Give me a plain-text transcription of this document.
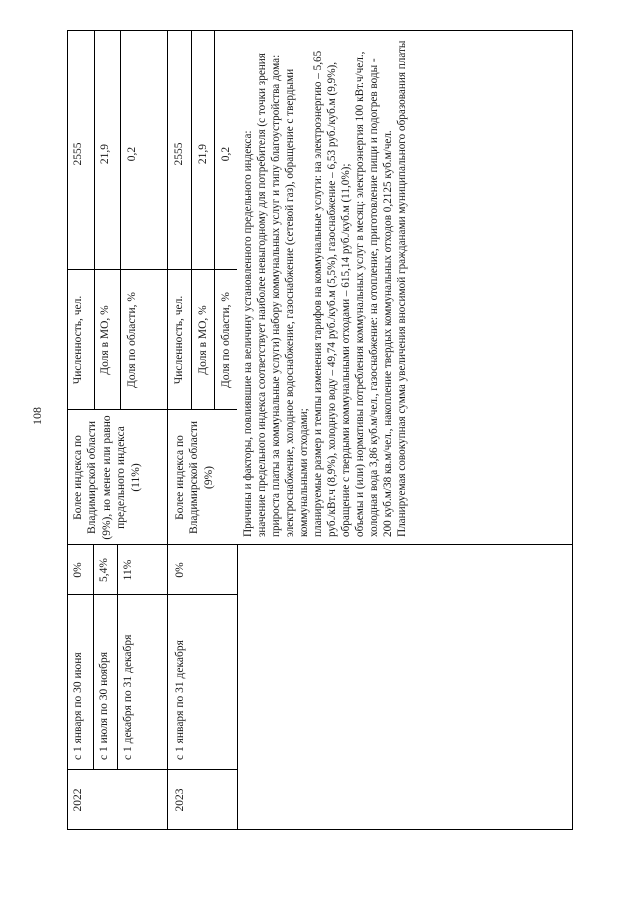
108
2022	2023
с 1 января по 30 июня
0%
с 1 июля по 30 ноября
5,4%
с 1 декабря по 31 декабря
11%
с 1 января по 31 декабря
0%
Более индекса по Владимирской области (9%), но менее или равно предельного индекса (11%)	Более индекса по Владимирской области (9%)
Численность, чел.
2555
Доля в МО, %
21,9
Доля по области, %
0,2
Численность, чел.
2555
Доля в МО, %
21,9
Доля по области, %
0,2 Причины и факторы, повлиявшие на величину установленного предельного индекса: значение предельного индекса соответствует наиболее невыгодному для потребителя (с точки зрения прироста платы за коммунальные услуги) набору коммунальных услуг и типу благоустройства дома: электроснабжение, холодное водоснабжение, газоснабжение (сетевой газ), обращение с твердыми коммунальными отходами; планируемые размер и темпы изменения тарифов на коммунальные услуги: на электроэнергию – 5,65 руб./кВт.ч (8,9%), холодную воду – 49,74 руб./куб.м (5,5%), газоснабжение – 6,53 руб./куб.м (9,9%), обращение с твердыми коммунальными отходами – 615,14 руб./куб.м (11,0%); объемы и (или) нормативы потребления коммунальных услуг в месяц: электроэнергия 100 кВт.ч/чел., холодная вода 3,86 куб.м/чел., газоснабжение: на отопление, приготовление пищи и подогрев воды - 200 куб.м/38 кв.м/чел., накопление твердых коммунальных отходов 0,2125 куб.м/чел. Планируемая совокупная сумма увеличения вносимой гражданами муниципального образования платы
